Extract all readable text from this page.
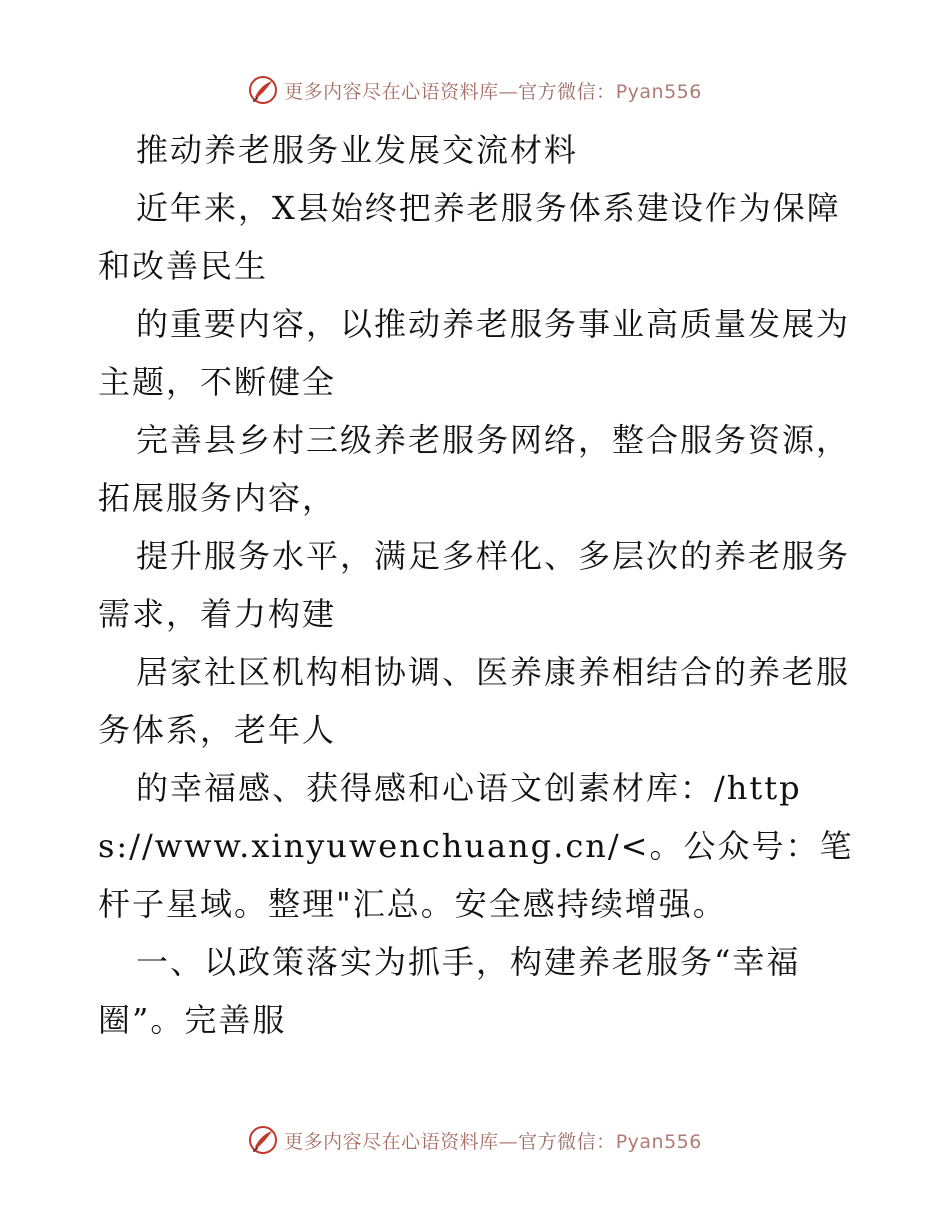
更多内容尽在心语资料库—官方微信：Pyan556

推动养老服务业发展交流材料

近年来，X县始终把养老服务体系建设作为保障和改善民生

的重要内容，以推动养老服务事业高质量发展为主题，不断健全

完善县乡村三级养老服务网络，整合服务资源，拓展服务内容，

提升服务水平，满足多样化、多层次的养老服务需求，着力构建

居家社区机构相协调、医养康养相结合的养老服务体系，老年人

的幸福感、获得感和心语文创素材库：/https://www.xinyuwenchuang.cn/<。公众号：笔杆子星域。整理"汇总。安全感持续增强。

一、以政策落实为抓手，构建养老服务“幸福圈”。完善服

更多内容尽在心语资料库—官方微信：Pyan556
